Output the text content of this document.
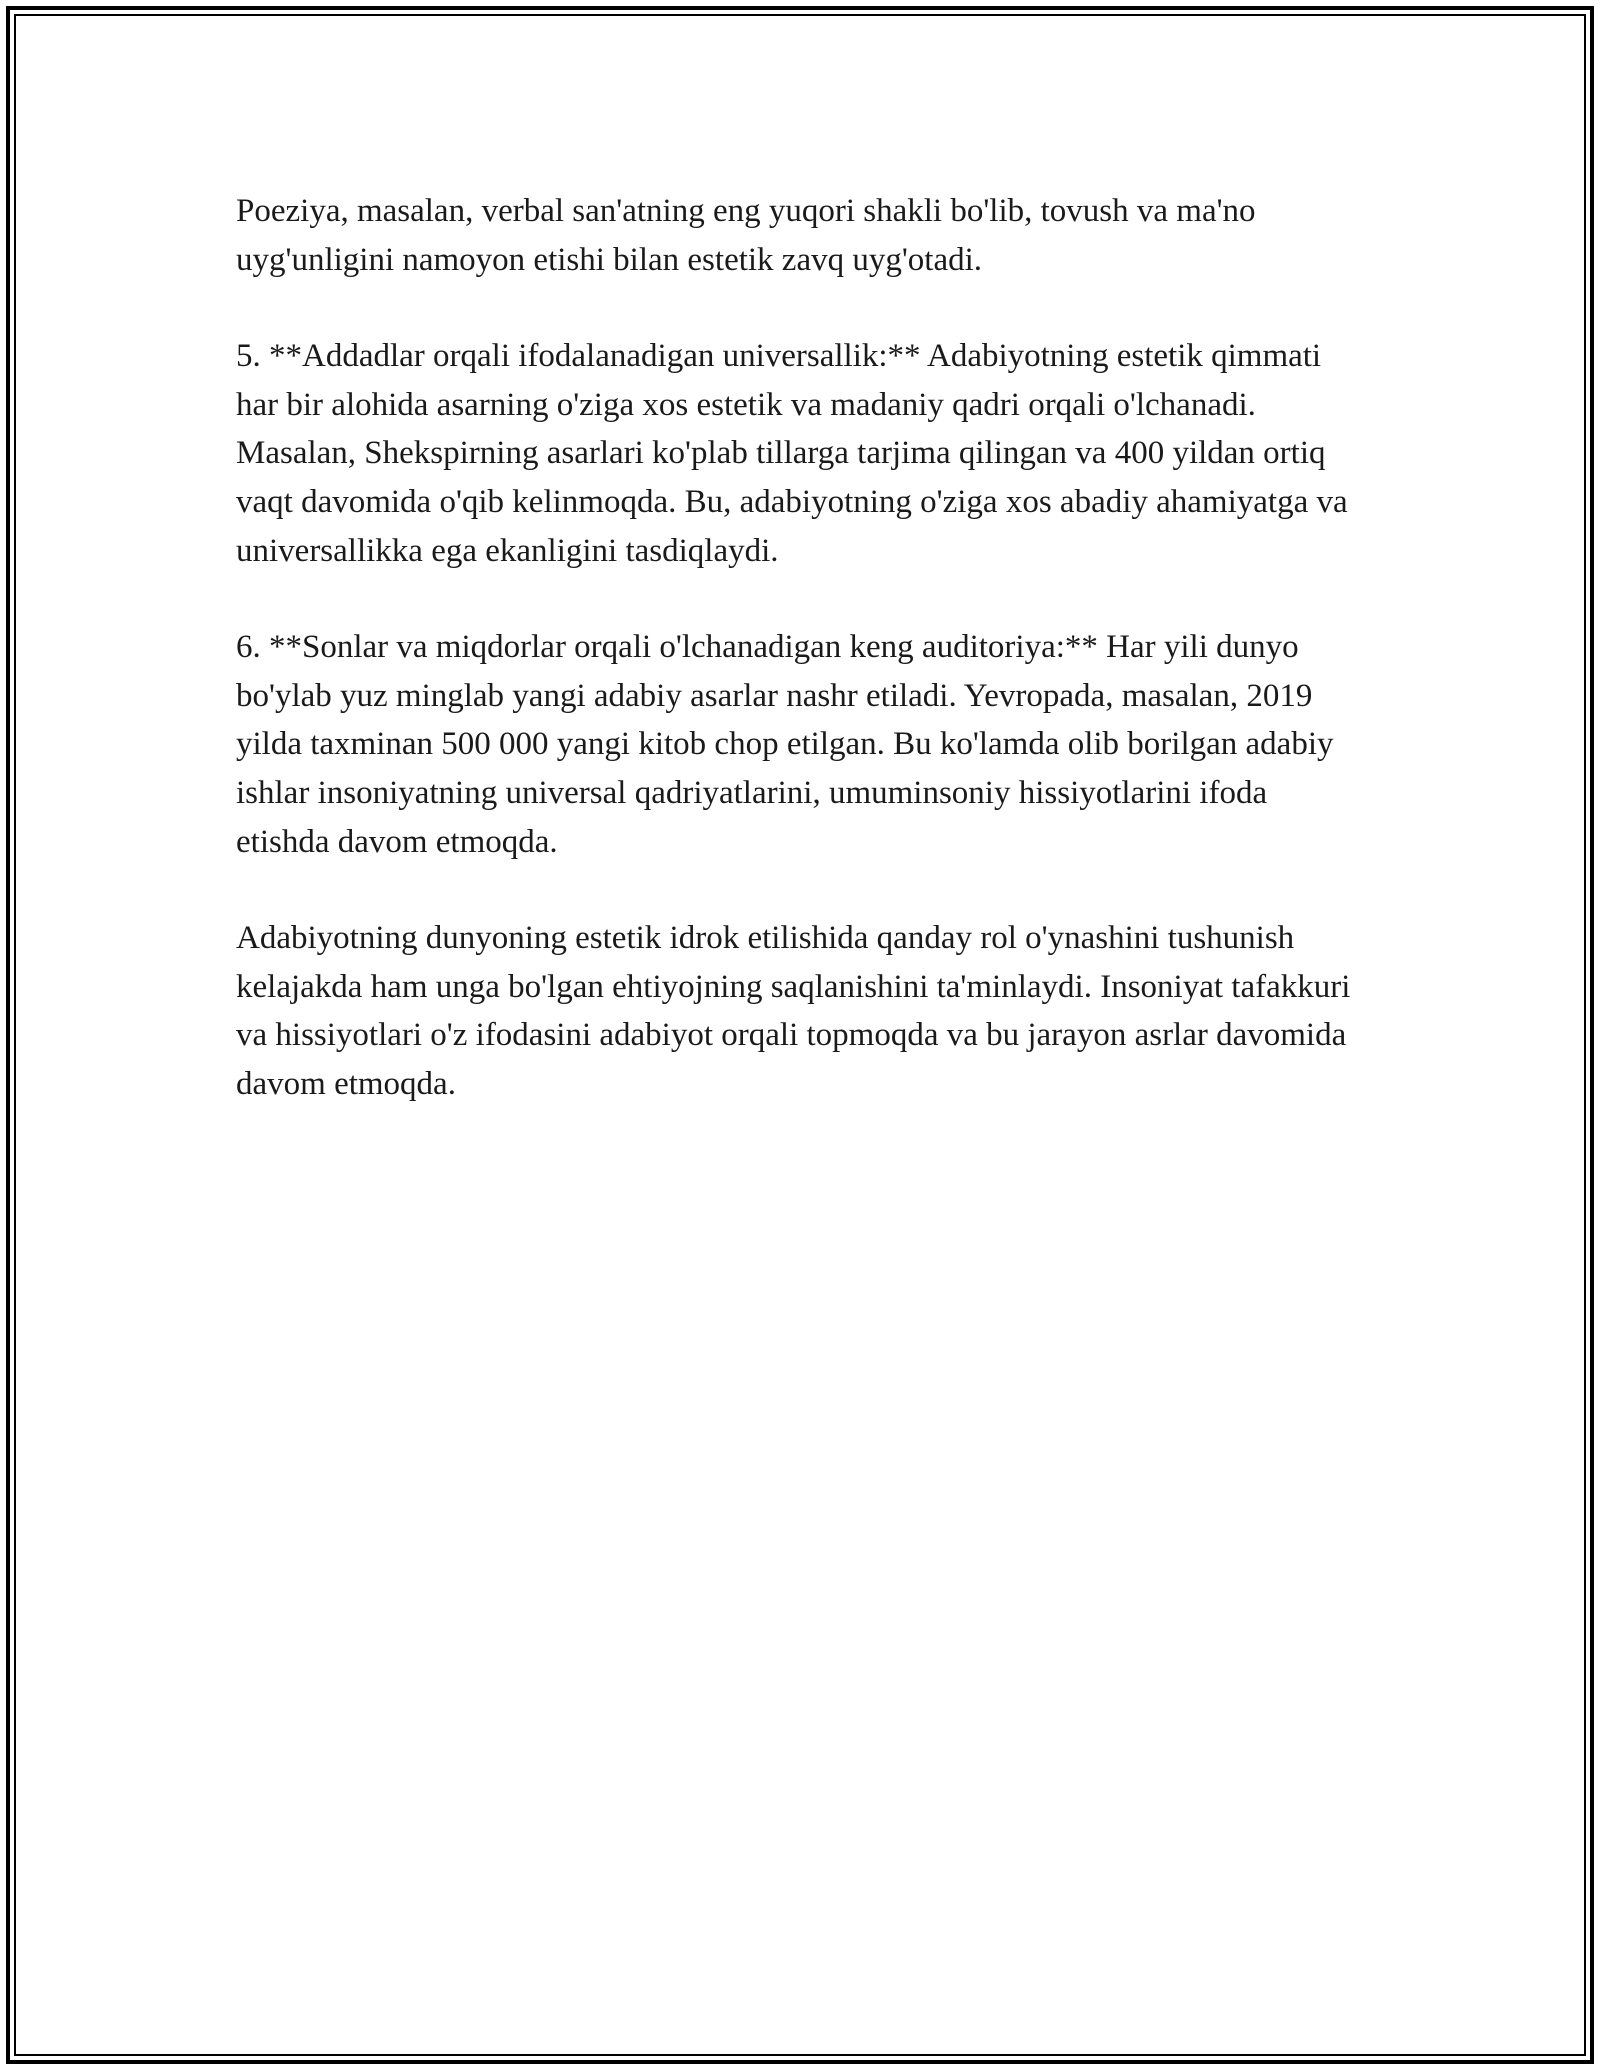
Poeziya, masalan, verbal san'atning eng yuqori shakli bo'lib, tovush va ma'no uyg'unligini namoyon etishi bilan estetik zavq uyg'otadi.

5. **Addadlar orqali ifodalanadigan universallik:** Adabiyotning estetik qimmati har bir alohida asarning o'ziga xos estetik va madaniy qadri orqali o'lchanadi. Masalan, Shekspirning asarlari ko'plab tillarga tarjima qilingan va 400 yildan ortiq vaqt davomida o'qib kelinmoqda. Bu, adabiyotning o'ziga xos abadiy ahamiyatga va universallikka ega ekanligini tasdiqlaydi.

6. **Sonlar va miqdorlar orqali o'lchanadigan keng auditoriya:** Har yili dunyo bo'ylab yuz minglab yangi adabiy asarlar nashr etiladi. Yevropada, masalan, 2019 yilda taxminan 500 000 yangi kitob chop etilgan. Bu ko'lamda olib borilgan adabiy ishlar insoniyatning universal qadriyatlarini, umuminsoniy hissiyotlarini ifoda etishda davom etmoqda.

Adabiyotning dunyoning estetik idrok etilishida qanday rol o'ynashini tushunish kelajakda ham unga bo'lgan ehtiyojning saqlanishini ta'minlaydi. Insoniyat tafakkuri va hissiyotlari o'z ifodasini adabiyot orqali topmoqda va bu jarayon asrlar davomida davom etmoqda.
